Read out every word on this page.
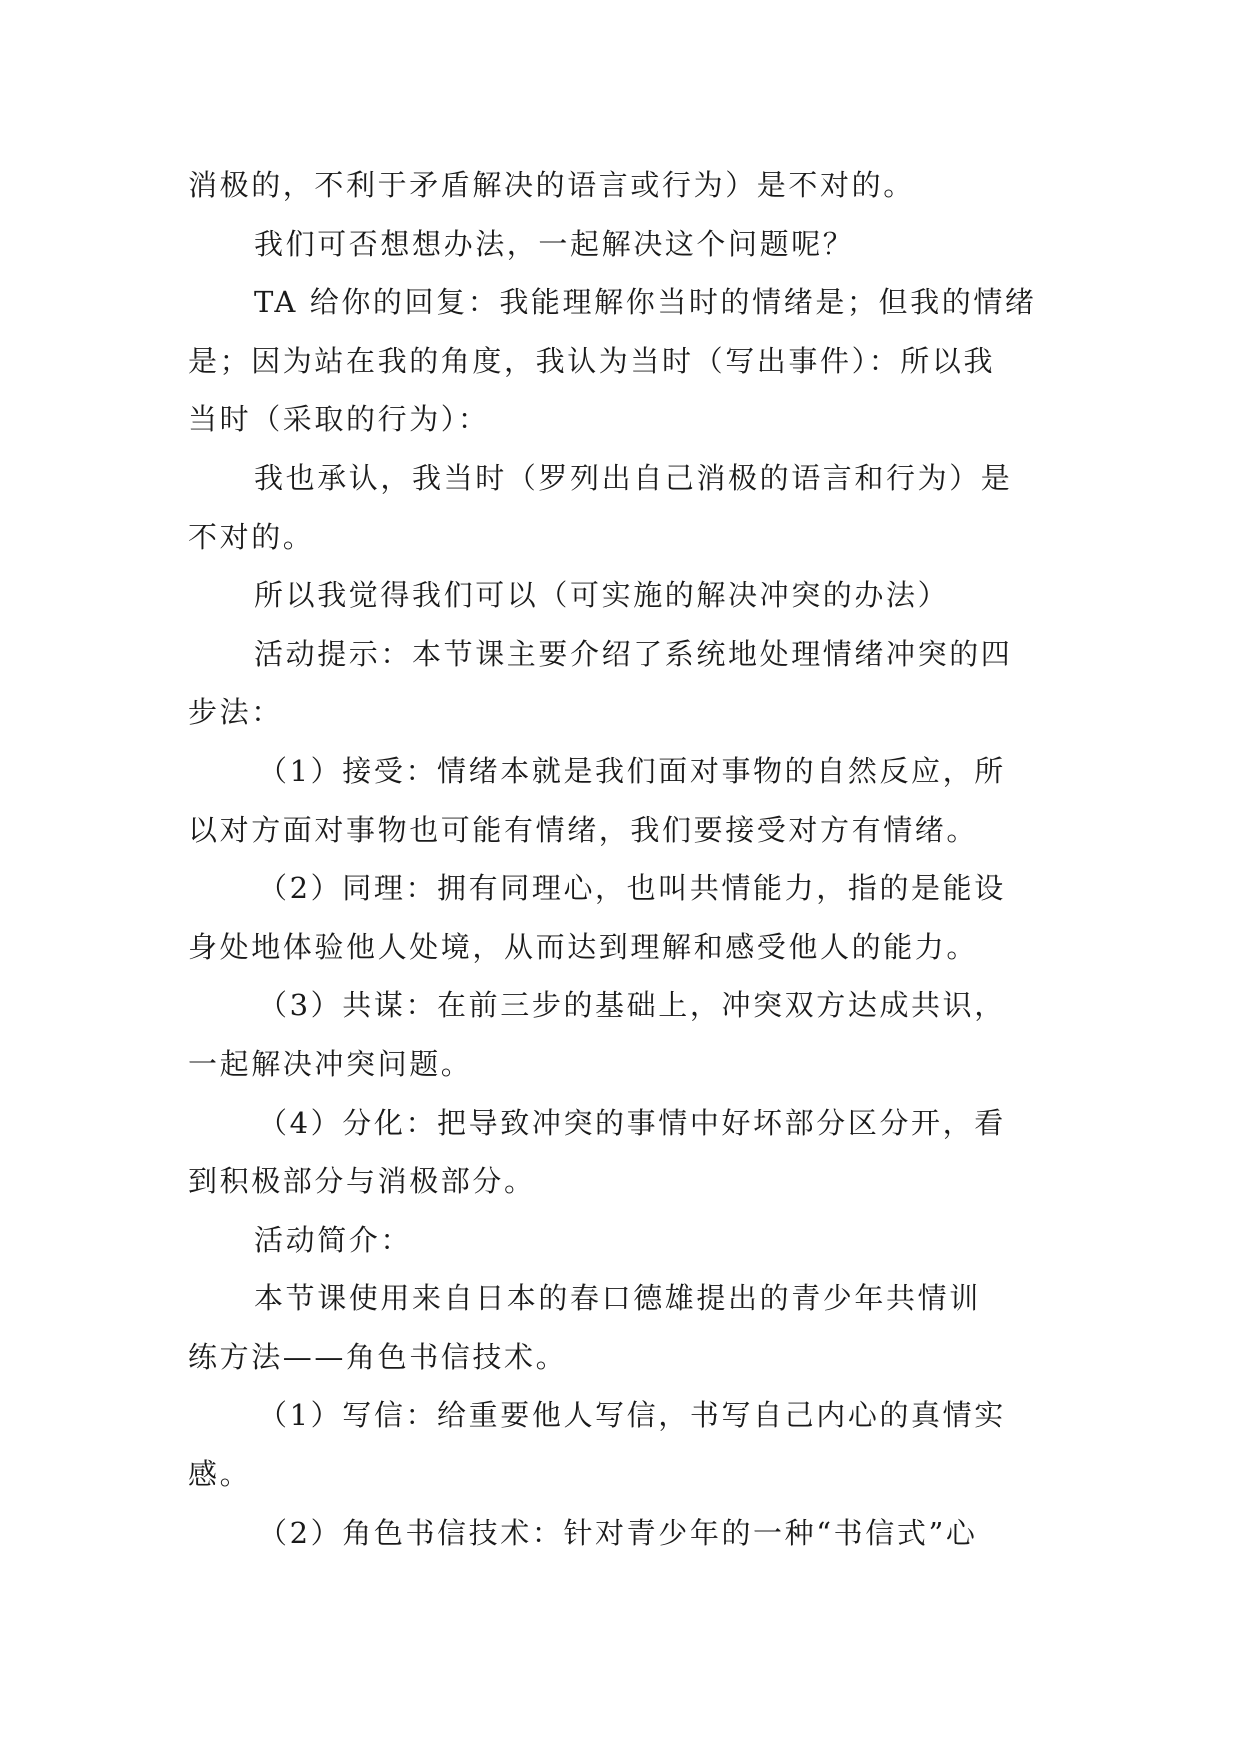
消极的，不利于矛盾解决的语言或行为）是不对的。
我们可否想想办法，一起解决这个问题呢？
TA 给你的回复：我能理解你当时的情绪是；但我的情绪
是；因为站在我的角度，我认为当时（写出事件）：所以我
当时（采取的行为）：
我也承认，我当时（罗列出自己消极的语言和行为）是
不对的。
所以我觉得我们可以（可实施的解决冲突的办法）
活动提示：本节课主要介绍了系统地处理情绪冲突的四
步法：
（1）接受：情绪本就是我们面对事物的自然反应，所
以对方面对事物也可能有情绪，我们要接受对方有情绪。
（2）同理：拥有同理心，也叫共情能力，指的是能设
身处地体验他人处境，从而达到理解和感受他人的能力。
（3）共谋：在前三步的基础上，冲突双方达成共识，
一起解决冲突问题。
（4）分化：把导致冲突的事情中好坏部分区分开，看
到积极部分与消极部分。
活动简介：
本节课使用来自日本的春口德雄提出的青少年共情训
练方法——角色书信技术。
（1）写信：给重要他人写信，书写自己内心的真情实
感。
（2）角色书信技术：针对青少年的一种“书信式”心
